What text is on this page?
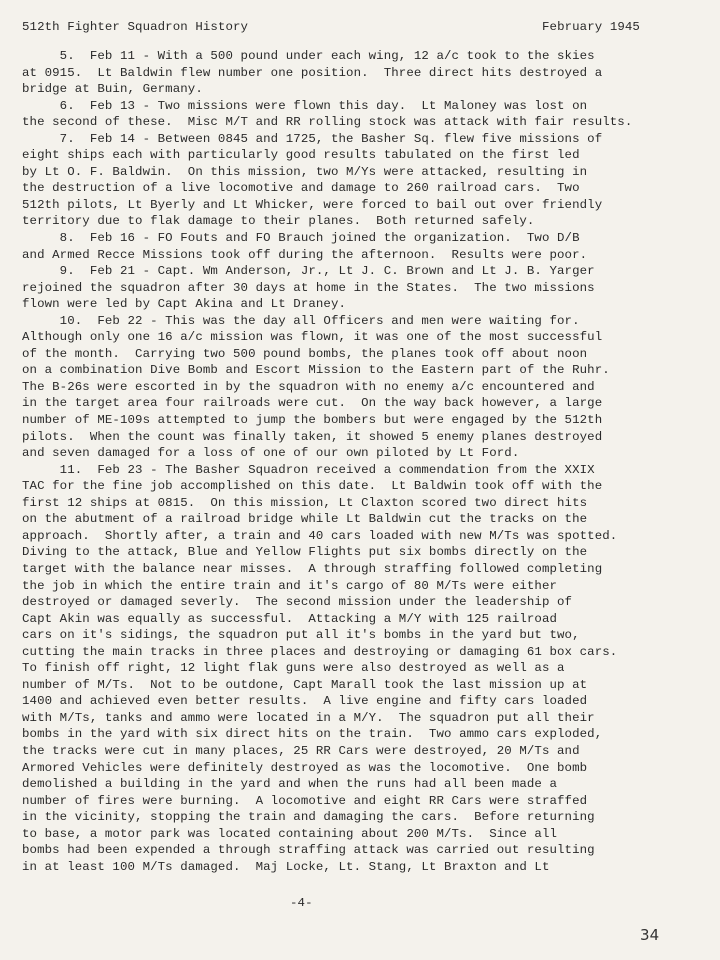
512th Fighter Squadron History	February 1945
5.  Feb 11 - With a 500 pound under each wing, 12 a/c took to the skies
at 0915.  Lt Baldwin flew number one position.  Three direct hits destroyed a
bridge at Buin, Germany.
6.  Feb 13 - Two missions were flown this day.  Lt Maloney was lost on
the second of these.  Misc M/T and RR rolling stock was attack with fair results.
7.  Feb 14 - Between 0845 and 1725, the Basher Sq. flew five missions of
eight ships each with particularly good results tabulated on the first led
by Lt O. F. Baldwin.  On this mission, two M/Ys were attacked, resulting in
the destruction of a live locomotive and damage to 260 railroad cars.  Two
512th pilots, Lt Byerly and Lt Whicker, were forced to bail out over friendly
territory due to flak damage to their planes.  Both returned safely.
8.  Feb 16 - FO Fouts and FO Brauch joined the organization.  Two D/B
and Armed Recce Missions took off during the afternoon.  Results were poor.
9.  Feb 21 - Capt. Wm Anderson, Jr., Lt J. C. Brown and Lt J. B. Yarger
rejoined the squadron after 30 days at home in the States.  The two missions
flown were led by Capt Akina and Lt Draney.
10.  Feb 22 - This was the day all Officers and men were waiting for.
Although only one 16 a/c mission was flown, it was one of the most successful
of the month.  Carrying two 500 pound bombs, the planes took off about noon
on a combination Dive Bomb and Escort Mission to the Eastern part of the Ruhr.
The B-26s were escorted in by the squadron with no enemy a/c encountered and
in the target area four railroads were cut.  On the way back however, a large
number of ME-109s attempted to jump the bombers but were engaged by the 512th
pilots.  When the count was finally taken, it showed 5 enemy planes destroyed
and seven damaged for a loss of one of our own piloted by Lt Ford.
11.  Feb 23 - The Basher Squadron received a commendation from the XXIX
TAC for the fine job accomplished on this date.  Lt Baldwin took off with the
first 12 ships at 0815.  On this mission, Lt Claxton scored two direct hits
on the abutment of a railroad bridge while Lt Baldwin cut the tracks on the
approach.  Shortly after, a train and 40 cars loaded with new M/Ts was spotted.
Diving to the attack, Blue and Yellow Flights put six bombs directly on the
target with the balance near misses.  A through straffing followed completing
the job in which the entire train and it's cargo of 80 M/Ts were either
destroyed or damaged severly.  The second mission under the leadership of
Capt Akin was equally as successful.  Attacking a M/Y with 125 railroad
cars on it's sidings, the squadron put all it's bombs in the yard but two,
cutting the main tracks in three places and destroying or damaging 61 box cars.
To finish off right, 12 light flak guns were also destroyed as well as a
number of M/Ts.  Not to be outdone, Capt Marall took the last mission up at
1400 and achieved even better results.  A live engine and fifty cars loaded
with M/Ts, tanks and ammo were located in a M/Y.  The squadron put all their
bombs in the yard with six direct hits on the train.  Two ammo cars exploded,
the tracks were cut in many places, 25 RR Cars were destroyed, 20 M/Ts and
Armored Vehicles were definitely destroyed as was the locomotive.  One bomb
demolished a building in the yard and when the runs had all been made a
number of fires were burning.  A locomotive and eight RR Cars were straffed
in the vicinity, stopping the train and damaging the cars.  Before returning
to base, a motor park was located containing about 200 M/Ts.  Since all
bombs had been expended a through straffing attack was carried out resulting
in at least 100 M/Ts damaged.  Maj Locke, Lt. Stang, Lt Braxton and Lt
-4-
34
